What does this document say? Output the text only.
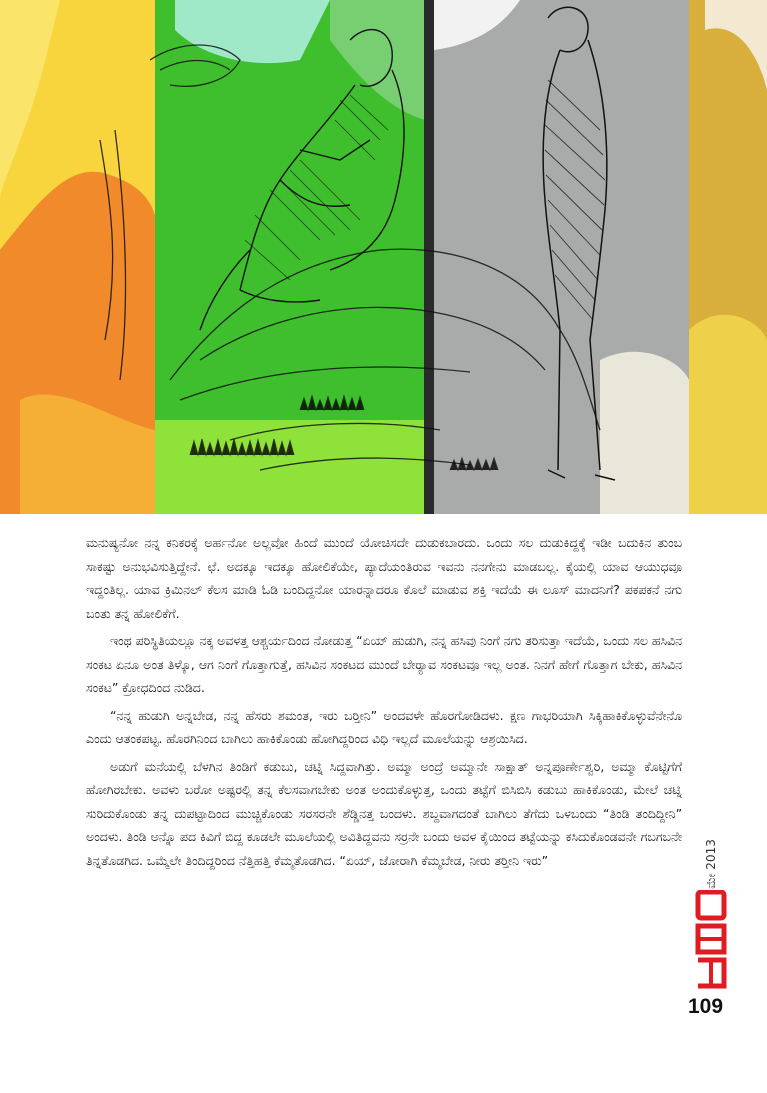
ಮನುಷ್ಯನೋ ನನ್ನ ಕನಿಕರಕ್ಕೆ ಅರ್ಹನೋ ಅಲ್ಲವೋ ಹಿಂದೆ ಮುಂದೆ ಯೋಚಿಸದೇ ದುಡುಕಬಾರದು. ಒಂದು ಸಲ ದುಡುಕಿದ್ದಕ್ಕೆ ಇಡೀ ಬದುಕಿನ ತುಂಬ ಸಾಕಷ್ಟು ಅನುಭವಿಸುತ್ತಿದ್ದೇನೆ. ಛೆ. ಅದಕ್ಕೂ ಇದಕ್ಕೂ ಹೋಲಿಕೆಯೇ, ಪ್ಯಾದೆಯಂತಿರುವ ಇವನು ನನಗೇನು ಮಾಡಬಲ್ಲ. ಕೈಯಲ್ಲಿ ಯಾವ ಆಯುಧವೂ ಇದ್ದಂತಿಲ್ಲ. ಯಾವ ಕ್ರಿಮಿನಲ್ ಕೆಲಸ ಮಾಡಿ ಓಡಿ ಬಂದಿದ್ದನೋ ಯಾರನ್ನಾದರೂ ಕೊಲೆ ಮಾಡುವ ಶಕ್ತಿ ಇದೆಯೆ ಈ ಲೂಸ್ ಮಾದನಿಗೆ? ಪಕಪಕನೆ ನಗು ಬಂತು ತನ್ನ ಹೋಲಿಕೆಗೆ.

ಇಂಥ ಪರಿಸ್ಥಿತಿಯಲ್ಲೂ ನಕ್ಕ ಅವಳತ್ತ ಆಶ್ಚರ್ಯದಿಂದ ನೋಡುತ್ತ “ಏಯ್ ಹುಡುಗಿ, ನನ್ನ ಹಸಿವು ನಿಂಗೆ ನಗು ತರಿಸುತ್ತಾ ಇದೆಯೆ, ಒಂದು ಸಲ ಹಸಿವಿನ ಸಂಕಟ ಏನೂ ಅಂತ ತಿಳ್ಕೊ, ಆಗ ನಿಂಗೆ ಗೊತ್ತಾಗುತ್ತೆ, ಹಸಿವಿನ ಸಂಕಟದ ಮುಂದೆ ಬೇರ್‍ಯಾವ ಸಂಕಟವೂ ಇಲ್ಲ ಅಂತ. ನಿನಗೆ ಹೇಗೆ ಗೊತ್ತಾಗ ಬೇಕು, ಹಸಿವಿನ ಸಂಕಟ” ಕ್ರೋಧದಿಂದ ನುಡಿದ.

“ನನ್ನ ಹುಡುಗಿ ಅನ್ನಬೇಡ, ನನ್ನ ಹೆಸರು ಶಮಂತ, ಇರು ಬರ್‍ತೀನಿ” ಅಂದವಳೇ ಹೊರಗೋಡಿದಳು. ಕ್ಷಣ ಗಾಭರಿಯಾಗಿ ಸಿಕ್ಕಿಹಾಕಿಕೊಳ್ಳುವೆನೇನೊ ಎಂದು ಆತಂಕಪಟ್ಟ. ಹೊರಗಿನಿಂದ ಬಾಗಿಲು ಹಾಕಿಕೊಂಡು ಹೋಗಿದ್ದರಿಂದ ವಿಧಿ ಇಲ್ಲದೆ ಮೂಲೆಯನ್ನು ಆಶ್ರಯಿಸಿದ.

ಅಡುಗೆ ಮನೆಯಲ್ಲಿ ಬೆಳಗಿನ ತಿಂಡಿಗೆ ಕಡುಬು, ಚಟ್ನಿ ಸಿದ್ದವಾಗಿತ್ತು. ಅಮ್ಮಾ ಅಂದ್ರೆ ಅಮ್ಮಾನೇ ಸಾಕ್ಷಾತ್ ಅನ್ನಪೂರ್ಣೇಶ್ವರಿ, ಅಮ್ಮಾ ಕೊಟ್ಟಿಗೆಗೆ ಹೋಗಿರಬೇಕು. ಅವಳು ಬರೋ ಅಷ್ಟರಲ್ಲಿ ತನ್ನ ಕೆಲಸವಾಗಬೇಕು ಅಂತ ಅಂದುಕೊಳ್ಳುತ್ತ, ಒಂದು ತಟ್ಟೆಗೆ ಬಿಸಿಬಿಸಿ ಕಡುಬು ಹಾಕಿಕೊಂಡು, ಮೇಲೆ ಚಟ್ನಿ ಸುರಿದುಕೊಂಡು ತನ್ನ ದುಪಟ್ಟಾದಿಂದ ಮುಚ್ಚಿಕೊಂಡು ಸರಸರನೇ ಶೆಡ್ಡಿನತ್ತ ಬಂದಳು. ಶಬ್ದವಾಗದಂತೆ ಬಾಗಿಲು ತೆಗೆದು ಒಳಬಂದು “ತಿಂಡಿ ತಂದಿದ್ದೀನಿ” ಅಂದಳು. ತಿಂಡಿ ಅನ್ನೊ ಪದ ಕಿವಿಗೆ ಬಿದ್ದ ಕೂಡಲೇ ಮೂಲೆಯಲ್ಲಿ ಅವಿತಿದ್ದವನು ಸರ್‍ರನೇ ಬಂದು ಅವಳ ಕೈಯಿಂದ ತಟ್ಟೆಯನ್ನು ಕಸಿದುಕೊಂಡವನೇ ಗಬಗಬನೇ ತಿನ್ನತೊಡಗಿದ. ಒಮ್ಮೆಲೇ ತಿಂದಿದ್ದರಿಂದ ನೆತ್ತಿಹತ್ತಿ ಕೆಮ್ಮತೊಡಗಿದ. “ಏಯ್, ಜೋರಾಗಿ ಕೆಮ್ಮಬೇಡ, ನೀರು ತರ್‍ತೀನಿ ಇರು”	ಮೇ 2013
109
